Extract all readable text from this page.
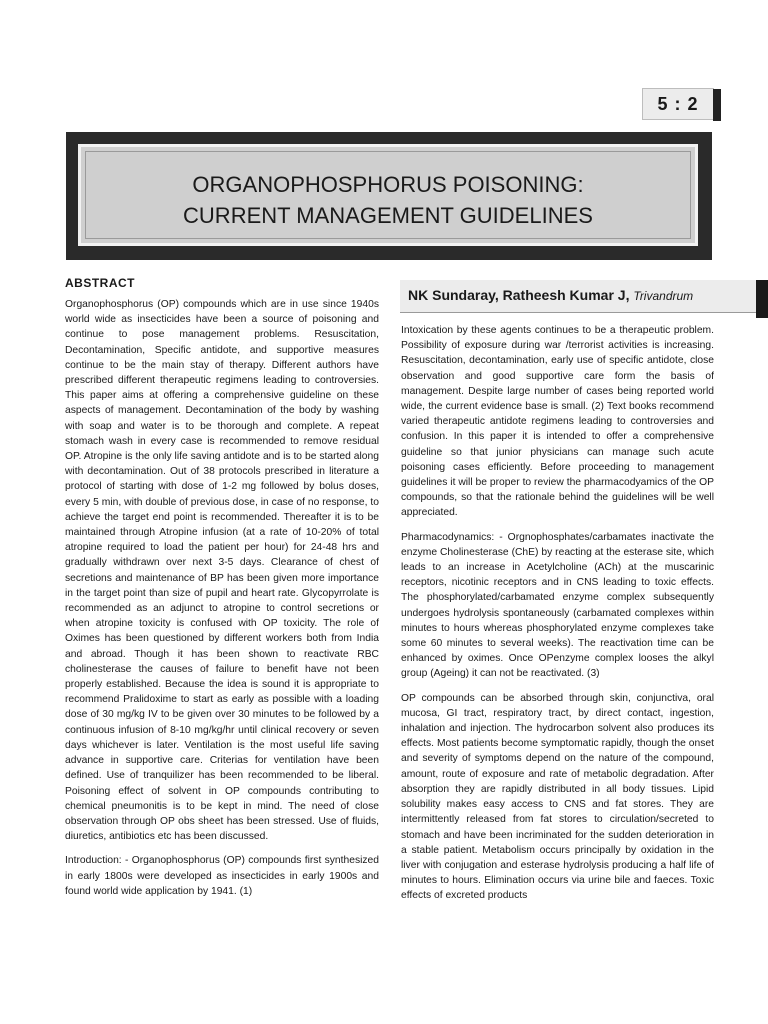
5 : 2
ORGANOPHOSPHORUS POISONING:
CURRENT MANAGEMENT GUIDELINES
ABSTRACT

Organophosphorus (OP) compounds which are in use since 1940s world wide as insecticides have been a source of poisoning and continue to pose management problems. Resuscitation, Decontamination, Specific antidote, and supportive measures continue to be the main stay of therapy. Different authors have prescribed different therapeutic regimens leading to controversies. This paper aims at offering a comprehensive guideline on these aspects of management. Decontamination of the body by washing with soap and water is to be thorough and complete. A repeat stomach wash in every case is recommended to remove residual OP. Atropine is the only life saving antidote and is to be started along with decontamination. Out of 38 protocols prescribed in literature a protocol of starting with dose of 1-2 mg followed by bolus doses, every 5 min, with double of previous dose, in case of no response, to achieve the target end point is recommended. Thereafter it is to be maintained through Atropine infusion (at a rate of 10-20% of total atropine required to load the patient per hour) for 24-48 hrs and gradually withdrawn over next 3-5 days. Clearance of chest of secretions and maintenance of BP has been given more importance in the target point than size of pupil and heart rate. Glycopyrrolate is recommended as an adjunct to atropine to control secretions or when atropine toxicity is confused with OP toxicity. The role of Oximes has been questioned by different workers both from India and abroad. Though it has been shown to reactivate RBC cholinesterase the causes of failure to benefit have not been properly established. Because the idea is sound it is appropriate to recommend Pralidoxime to start as early as possible with a loading dose of 30 mg/kg IV to be given over 30 minutes to be followed by a continuous infusion of 8-10 mg/kg/hr until clinical recovery or seven days whichever is later. Ventilation is the most useful life saving advance in supportive care. Criterias for ventilation have been defined. Use of tranquilizer has been recommended to be liberal. Poisoning effect of solvent in OP compounds contributing to chemical pneumonitis is to be kept in mind. The need of close observation through OP obs sheet has been stressed. Use of fluids, diuretics, antibiotics etc has been discussed.

Introduction: - Organophosphorus (OP) compounds first synthesized in early 1800s were developed as insecticides in early 1900s and found world wide application by 1941. (1)

NK Sundaray, Ratheesh Kumar J, Trivandrum

Intoxication by these agents continues to be a therapeutic problem. Possibility of exposure during war /terrorist activities is increasing. Resuscitation, decontamination, early use of specific antidote, close observation and good supportive care form the basis of management. Despite large number of cases being reported world wide, the current evidence base is small. (2) Text books recommend varied therapeutic antidote regimens leading to controversies and confusion. In this paper it is intended to offer a comprehensive guideline so that junior physicians can manage such acute poisoning cases efficiently. Before proceeding to management guidelines it will be proper to review the pharmacodyamics of the OP compounds, so that the rationale behind the guidelines will be well appreciated.

Pharmacodynamics: - Orgnophosphates/carbamates inactivate the enzyme Cholinesterase (ChE) by reacting at the esterase site, which leads to an increase in Acetylcholine (ACh) at the muscarinic receptors, nicotinic receptors and in CNS leading to toxic effects. The phosphorylated/carbamated enzyme complex subsequently undergoes hydrolysis spontaneously (carbamated complexes within minutes to hours whereas phosphorylated enzyme complexes take some 60 minutes to several weeks). The reactivation time can be enhanced by oximes. Once OPenzyme complex looses the alkyl group (Ageing) it can not be reactivated. (3)

OP compounds can be absorbed through skin, conjunctiva, oral mucosa, GI tract, respiratory tract, by direct contact, ingestion, inhalation and injection. The hydrocarbon solvent also produces its effects. Most patients become symptomatic rapidly, though the onset and severity of symptoms depend on the nature of the compound, amount, route of exposure and rate of metabolic degradation. After absorption they are rapidly distributed in all body tissues. Lipid solubility makes easy access to CNS and fat stores. They are intermittently released from fat stores to circulation/secreted to stomach and have been incriminated for the sudden deterioration in a stable patient. Metabolism occurs principally by oxidation in the liver with conjugation and esterase hydrolysis producing a half life of minutes to hours. Elimination occurs via urine bile and faeces. Toxic effects of excreted products
